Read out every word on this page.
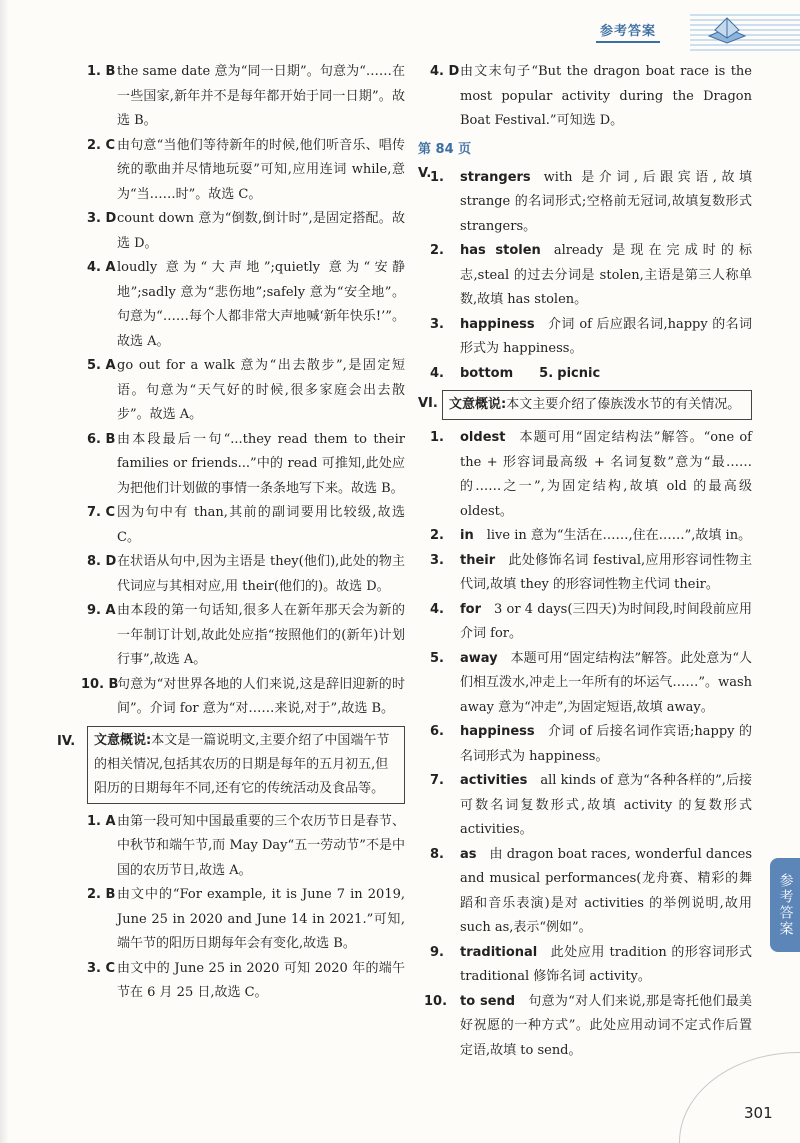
参考答案
1. B the same date 意为“同一日期”。句意为“……在一些国家,新年并不是每年都开始于同一日期”。故选 B。
2. C 由句意“当他们等待新年的时候,他们听音乐、唱传统的歌曲并尽情地玩耍”可知,应用连词 while,意为“当……时”。故选 C。
3. D count down 意为“倒数,倒计时”,是固定搭配。故选 D。
4. A loudly 意为“大声地”;quietly 意为“安静地”;sadly 意为“悲伤地”;safely 意为“安全地”。句意为“……每个人都非常大声地喊‘新年快乐!’”。故选 A。
5. A go out for a walk 意为“出去散步”,是固定短语。句意为“天气好的时候,很多家庭会出去散步”。故选 A。
6. B 由本段最后一句“...they read them to their families or friends...”中的 read 可推知,此处应为把他们计划做的事情一条条地写下来。故选 B。
7. C 因为句中有 than,其前的副词要用比较级,故选 C。
8. D 在状语从句中,因为主语是 they(他们),此处的物主代词应与其相对应,用 their(他们的)。故选 D。
9. A 由本段的第一句话知,很多人在新年那天会为新的一年制订计划,故此处应指“按照他们的(新年)计划行事”,故选 A。
10. B
句意为“对世界各地的人们来说,这是辞旧迎新的时间”。介词 for 意为“对……来说,对于”,故选 B。
IV.	文意概说:本文是一篇说明文,主要介绍了中国端午节的相关情况,包括其农历的日期是每年的五月初五,但阳历的日期每年不同,还有它的传统活动及食品等。
1. A 由第一段可知中国最重要的三个农历节日是春节、中秋节和端午节,而 May Day“五一劳动节”不是中国的农历节日,故选 A。
2. B 由文中的“For example, it is June 7 in 2019, June 25 in 2020 and June 14 in 2021.”可知,端午节的阳历日期每年会有变化,故选 B。
3. C 由文中的 June 25 in 2020 可知 2020 年的端午节在 6 月 25 日,故选 C。
4. D 由文末句子“But the dragon boat race is the most popular activity during the Dragon Boat Festival.”可知选 D。
第 84 页
V.
1. strangers  with 是介词,后跟宾语,故填 strange 的名词形式;空格前无冠词,故填复数形式 strangers。
2. has stolen  already 是现在完成时的标志,steal 的过去分词是 stolen,主语是第三人称单数,故填 has stolen。
3. happiness  介词 of 后应跟名词,happy 的名词形式为 happiness。
4. bottom   5. picnic
VI. 文意概说:本文主要介绍了傣族泼水节的有关情况。
1. oldest  本题可用“固定结构法”解答。“one of the + 形容词最高级 + 名词复数”意为“最……的……之一”,为固定结构,故填 old 的最高级 oldest。
2. in  live in 意为“生活在……,住在……”,故填 in。
3. their  此处修饰名词 festival,应用形容词性物主代词,故填 they 的形容词性物主代词 their。
4. for  3 or 4 days(三四天)为时间段,时间段前应用介词 for。
5. away  本题可用“固定结构法”解答。此处意为“人们相互泼水,冲走上一年所有的坏运气……”。wash away 意为“冲走”,为固定短语,故填 away。
6. happiness  介词 of 后接名词作宾语;happy 的名词形式为 happiness。
7. activities  all kinds of 意为“各种各样的”,后接可数名词复数形式,故填 activity 的复数形式 activities。
8. as  由 dragon boat races, wonderful dances and musical performances(龙舟赛、精彩的舞蹈和音乐表演)是对 activities 的举例说明,故用 such as,表示“例如”。
9. traditional  此处应用 tradition 的形容词形式 traditional 修饰名词 activity。
10. to send  句意为“对人们来说,那是寄托他们最美好祝愿的一种方式”。此处应用动词不定式作后置定语,故填 to send。
参考答案
301
